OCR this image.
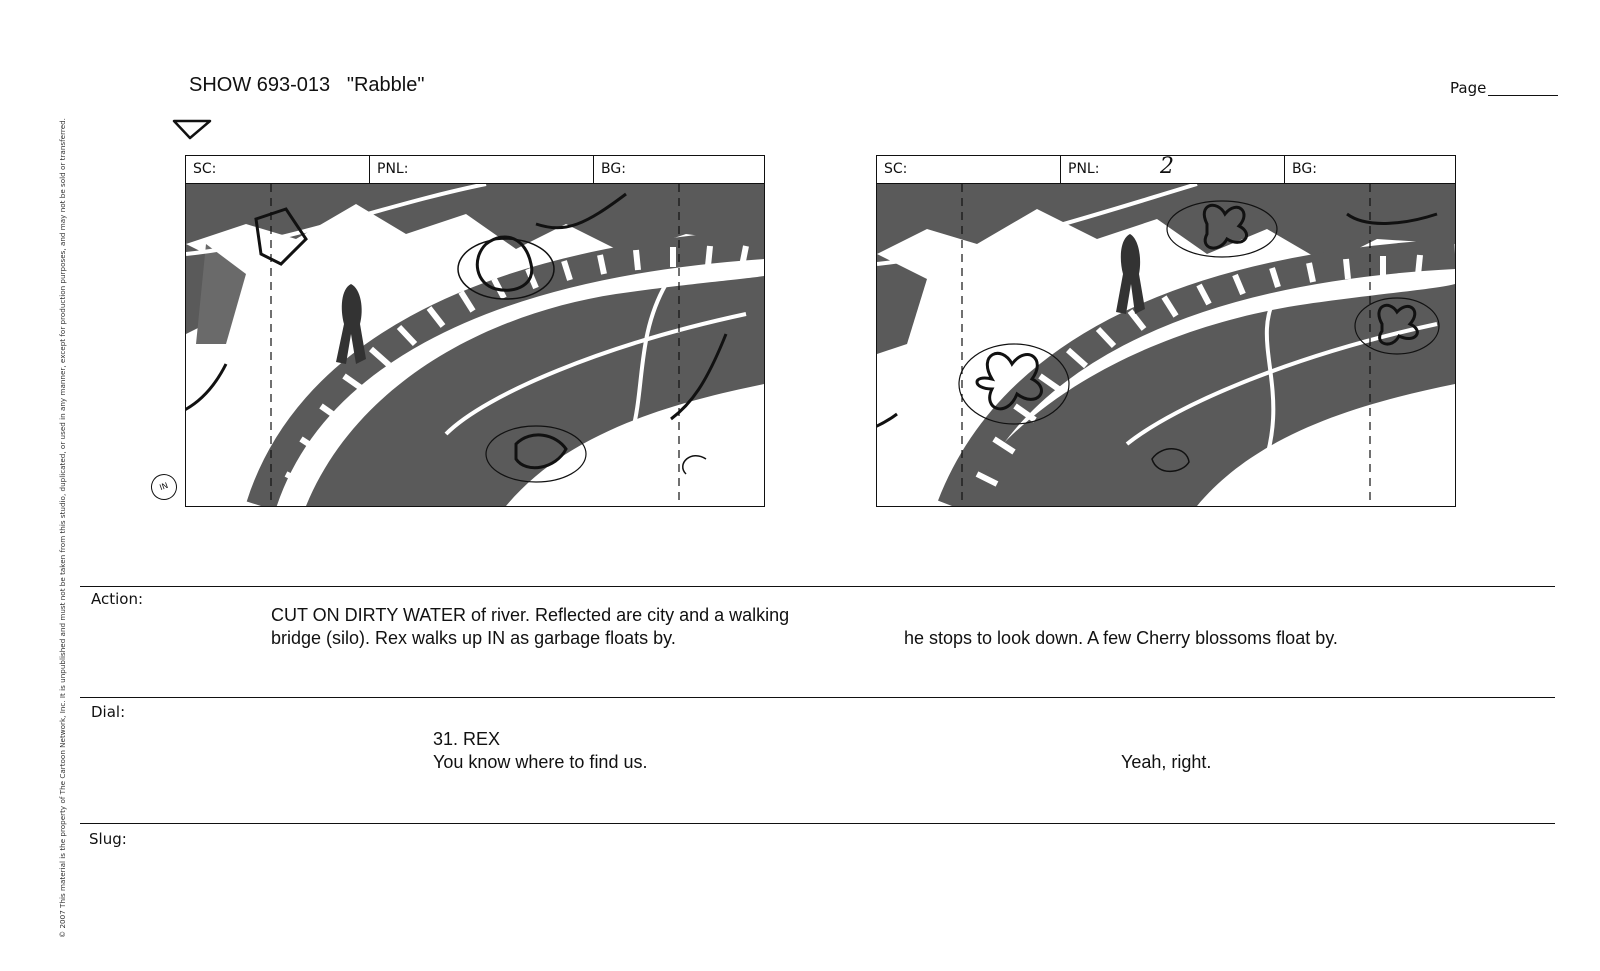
© 2007 This material is the property of The Cartoon Network, Inc. It is unpublished and must not be taken from this studio, duplicated, or used in any manner, except for production purposes, and may not be sold or transferred.
SHOW 693-013   "Rabble"	Page
SC:	PNL:	BG:
IN
SC:	PNL:	BG:
2
Action:
CUT ON DIRTY WATER of river. Reflected are city and a walking
bridge (silo). Rex walks up IN as garbage floats by.	he stops to look down. A few Cherry blossoms float by.
Dial:
31. REX
You know where to find us.	Yeah, right.
Slug:
